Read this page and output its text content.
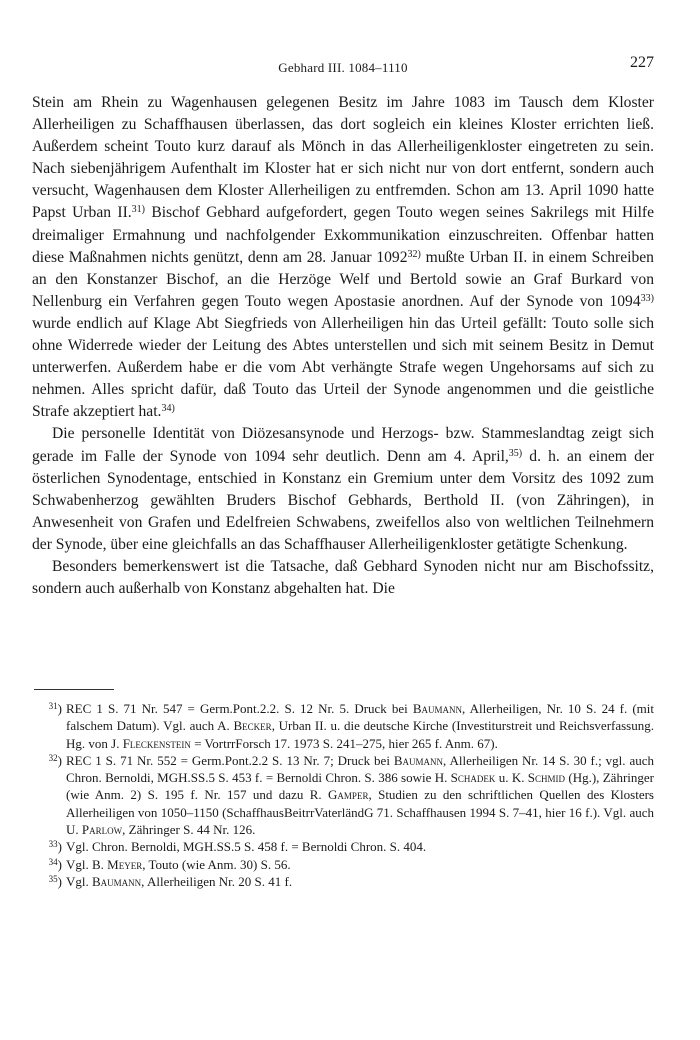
Gebhard III. 1084–1110	227

Stein am Rhein zu Wagenhausen gelegenen Besitz im Jahre 1083 im Tausch dem Kloster Allerheiligen zu Schaffhausen überlassen, das dort sogleich ein kleines Kloster errichten ließ. Außerdem scheint Touto kurz darauf als Mönch in das Allerheiligenkloster eingetreten zu sein. Nach siebenjährigem Aufenthalt im Kloster hat er sich nicht nur von dort entfernt, sondern auch versucht, Wagenhausen dem Kloster Allerheiligen zu entfremden. Schon am 13. April 1090 hatte Papst Urban II.$^{31)}$ Bischof Gebhard aufgefordert, gegen Touto wegen seines Sakrilegs mit Hilfe dreimaliger Ermahnung und nachfolgender Exkommunikation einzuschreiten. Offenbar hatten diese Maßnahmen nichts genützt, denn am 28. Januar 1092$^{32)}$ mußte Urban II. in einem Schreiben an den Konstanzer Bischof, an die Herzöge Welf und Bertold sowie an Graf Burkard von Nellenburg ein Verfahren gegen Touto wegen Apostasie anordnen. Auf der Synode von 1094$^{33)}$ wurde endlich auf Klage Abt Siegfrieds von Allerheiligen hin das Urteil gefällt: Touto solle sich ohne Widerrede wieder der Leitung des Abtes unterstellen und sich mit seinem Besitz in Demut unterwerfen. Außerdem habe er die vom Abt verhängte Strafe wegen Ungehorsams auf sich zu nehmen. Alles spricht dafür, daß Touto das Urteil der Synode angenommen und die geistliche Strafe akzeptiert hat.$^{34)}$

Die personelle Identität von Diözesansynode und Herzogs- bzw. Stammeslandtag zeigt sich gerade im Falle der Synode von 1094 sehr deutlich. Denn am 4. April,$^{35)}$ d. h. an einem der österlichen Synodentage, entschied in Konstanz ein Gremium unter dem Vorsitz des 1092 zum Schwabenherzog gewählten Bruders Bischof Gebhards, Berthold II. (von Zähringen), in Anwesenheit von Grafen und Edelfreien Schwabens, zweifellos also von weltlichen Teilnehmern der Synode, über eine gleichfalls an das Schaffhauser Allerheiligenkloster getätigte Schenkung.

Besonders bemerkenswert ist die Tatsache, daß Gebhard Synoden nicht nur am Bischofssitz, sondern auch außerhalb von Konstanz abgehalten hat. Die

$^{31}$) REC 1 S. 71 Nr. 547 = Germ.Pont.2.2. S. 12 Nr. 5. Druck bei Baumann, Allerheiligen, Nr. 10 S. 24 f. (mit falschem Datum). Vgl. auch A. Becker, Urban II. u. die deutsche Kirche (Investiturstreit und Reichsverfassung. Hg. von J. Fleckenstein = VortrrForsch 17. 1973 S. 241–275, hier 265 f. Anm. 67).
$^{32}$) REC 1 S. 71 Nr. 552 = Germ.Pont.2.2 S. 13 Nr. 7; Druck bei Baumann, Allerheiligen Nr. 14 S. 30 f.; vgl. auch Chron. Bernoldi, MGH.SS.5 S. 453 f. = Bernoldi Chron. S. 386 sowie H. Schadek u. K. Schmid (Hg.), Zähringer (wie Anm. 2) S. 195 f. Nr. 157 und dazu R. Gamper, Studien zu den schriftlichen Quellen des Klosters Allerheiligen von 1050–1150 (SchaffhausBeitrrVaterländG 71. Schaffhausen 1994 S. 7–41, hier 16 f.). Vgl. auch U. Parlow, Zähringer S. 44 Nr. 126.
$^{33}$) Vgl. Chron. Bernoldi, MGH.SS.5 S. 458 f. = Bernoldi Chron. S. 404.
$^{34}$) Vgl. B. Meyer, Touto (wie Anm. 30) S. 56.
$^{35}$) Vgl. Baumann, Allerheiligen Nr. 20 S. 41 f.
